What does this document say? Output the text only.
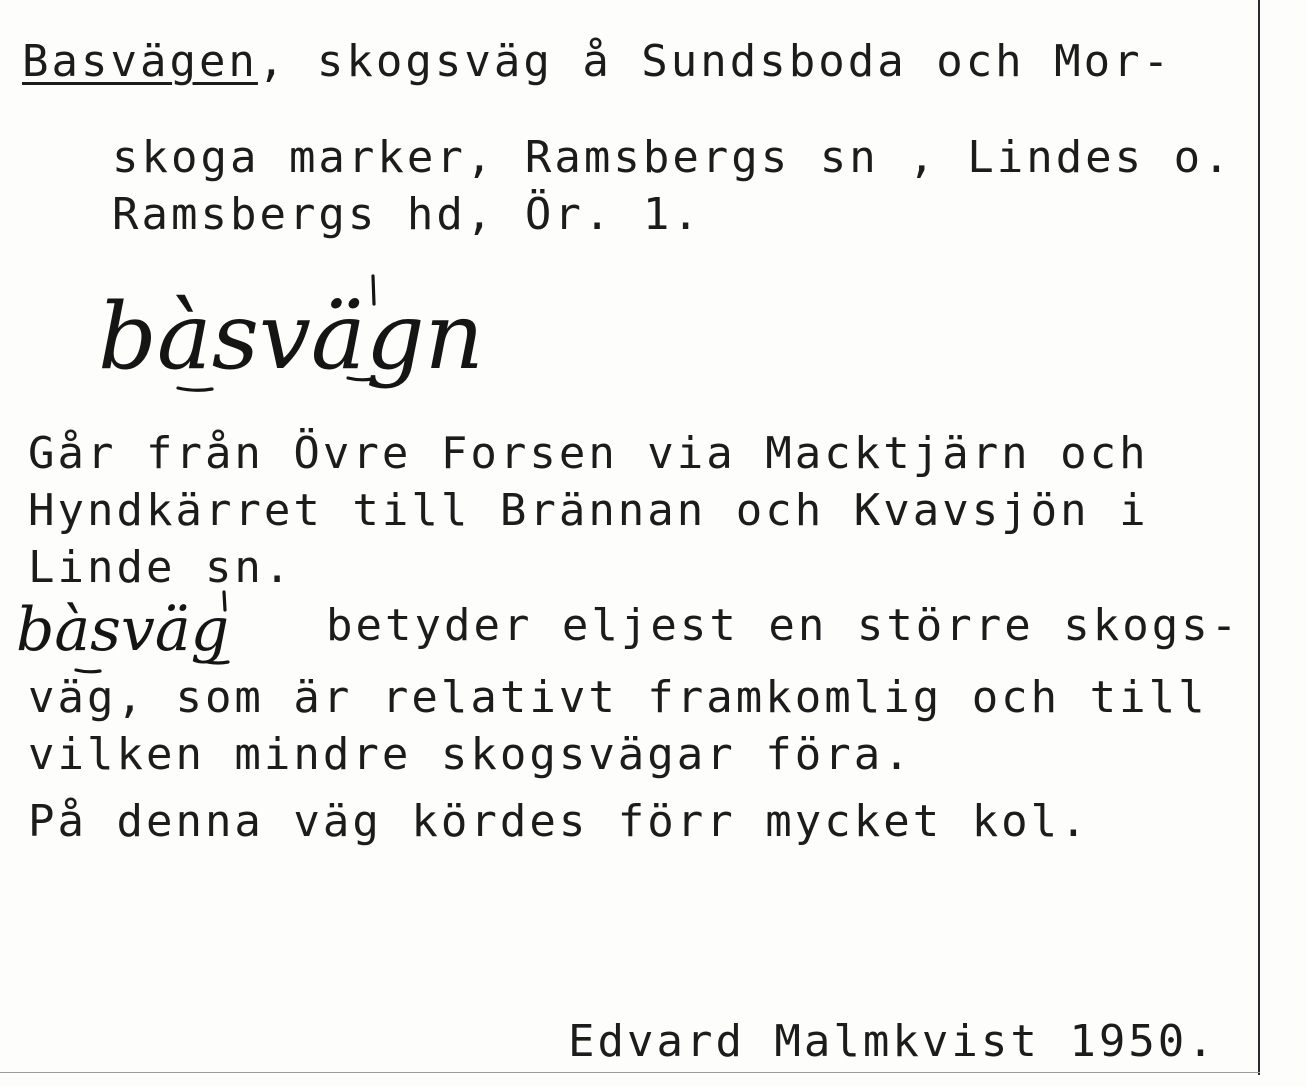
Basvägen, skogsväg å Sundsboda och Mor-
skoga marker, Ramsbergs sn , Lindes o.
Ramsbergs hd, Ör. 1.
bàsvägn
Går från Övre Forsen via Macktjärn och
Hyndkärret till Brännan och Kvavsjön i
Linde sn.
bàsväg betyder eljest en större skogs-
väg, som är relativt framkomlig och till
vilken mindre skogsvägar föra.
På denna väg kördes förr mycket kol.
Edvard Malmkvist 1950.
